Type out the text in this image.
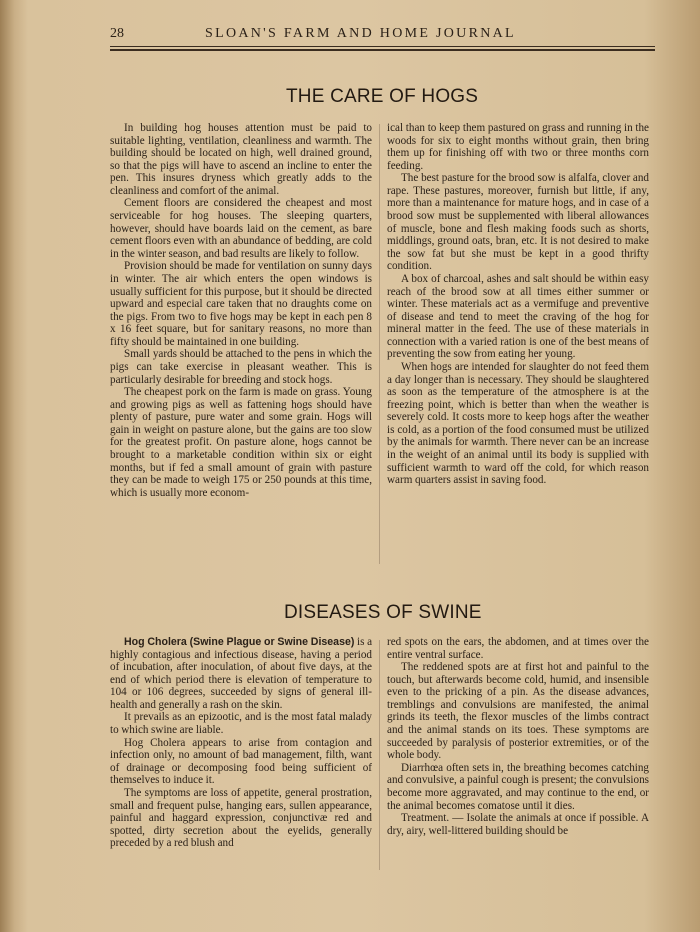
28	SLOAN'S FARM AND HOME JOURNAL
THE CARE OF HOGS

In building hog houses attention must be paid to suitable lighting, ventilation, cleanliness and warmth. The building should be located on high, well drained ground, so that the pigs will have to ascend an incline to enter the pen. This insures dryness which greatly adds to the cleanliness and comfort of the animal.

Cement floors are considered the cheapest and most serviceable for hog houses. The sleeping quarters, however, should have boards laid on the cement, as bare cement floors even with an abundance of bedding, are cold in the winter season, and bad results are likely to follow.

Provision should be made for ventilation on sunny days in winter. The air which enters the open windows is usually sufficient for this purpose, but it should be directed upward and especial care taken that no draughts come on the pigs. From two to five hogs may be kept in each pen 8 x 16 feet square, but for sanitary reasons, no more than fifty should be maintained in one building.

Small yards should be attached to the pens in which the pigs can take exercise in pleasant weather. This is particularly desirable for breeding and stock hogs.

The cheapest pork on the farm is made on grass. Young and growing pigs as well as fattening hogs should have plenty of pasture, pure water and some grain. Hogs will gain in weight on pasture alone, but the gains are too slow for the greatest profit. On pasture alone, hogs cannot be brought to a marketable condition within six or eight months, but if fed a small amount of grain with pasture they can be made to weigh 175 or 250 pounds at this time, which is usually more econom-

ical than to keep them pastured on grass and running in the woods for six to eight months without grain, then bring them up for finishing off with two or three months corn feeding.

The best pasture for the brood sow is alfalfa, clover and rape. These pastures, moreover, furnish but little, if any, more than a maintenance for mature hogs, and in case of a brood sow must be supplemented with liberal allowances of muscle, bone and flesh making foods such as shorts, middlings, ground oats, bran, etc. It is not desired to make the sow fat but she must be kept in a good thrifty condition.

A box of charcoal, ashes and salt should be within easy reach of the brood sow at all times either summer or winter. These materials act as a vermifuge and preventive of disease and tend to meet the craving of the hog for mineral matter in the feed. The use of these materials in connection with a varied ration is one of the best means of preventing the sow from eating her young.

When hogs are intended for slaughter do not feed them a day longer than is necessary. They should be slaughtered as soon as the temperature of the atmosphere is at the freezing point, which is better than when the weather is severely cold. It costs more to keep hogs after the weather is cold, as a portion of the food consumed must be utilized by the animals for warmth. There never can be an increase in the weight of an animal until its body is supplied with sufficient warmth to ward off the cold, for which reason warm quarters assist in saving food.

DISEASES OF SWINE

Hog Cholera (Swine Plague or Swine Disease) is a highly contagious and infectious disease, having a period of incubation, after inoculation, of about five days, at the end of which period there is elevation of temperature to 104 or 106 degrees, succeeded by signs of general ill-health and generally a rash on the skin.

It prevails as an epizootic, and is the most fatal malady to which swine are liable.

Hog Cholera appears to arise from contagion and infection only, no amount of bad management, filth, want of drainage or decomposing food being sufficient of themselves to induce it.

The symptoms are loss of appetite, general prostration, small and frequent pulse, hanging ears, sullen appearance, painful and haggard expression, conjunctivæ red and spotted, dirty secretion about the eyelids, generally preceded by a red blush and

red spots on the ears, the abdomen, and at times over the entire ventral surface.

The reddened spots are at first hot and painful to the touch, but afterwards become cold, humid, and insensible even to the pricking of a pin. As the disease advances, tremblings and convulsions are manifested, the animal grinds its teeth, the flexor muscles of the limbs contract and the animal stands on its toes. These symptoms are succeeded by paralysis of posterior extremities, or of the whole body.

Diarrhœa often sets in, the breathing becomes catching and convulsive, a painful cough is present; the convulsions become more aggravated, and may continue to the end, or the animal becomes comatose until it dies.

Treatment. — Isolate the animals at once if possible. A dry, airy, well-littered building should be
